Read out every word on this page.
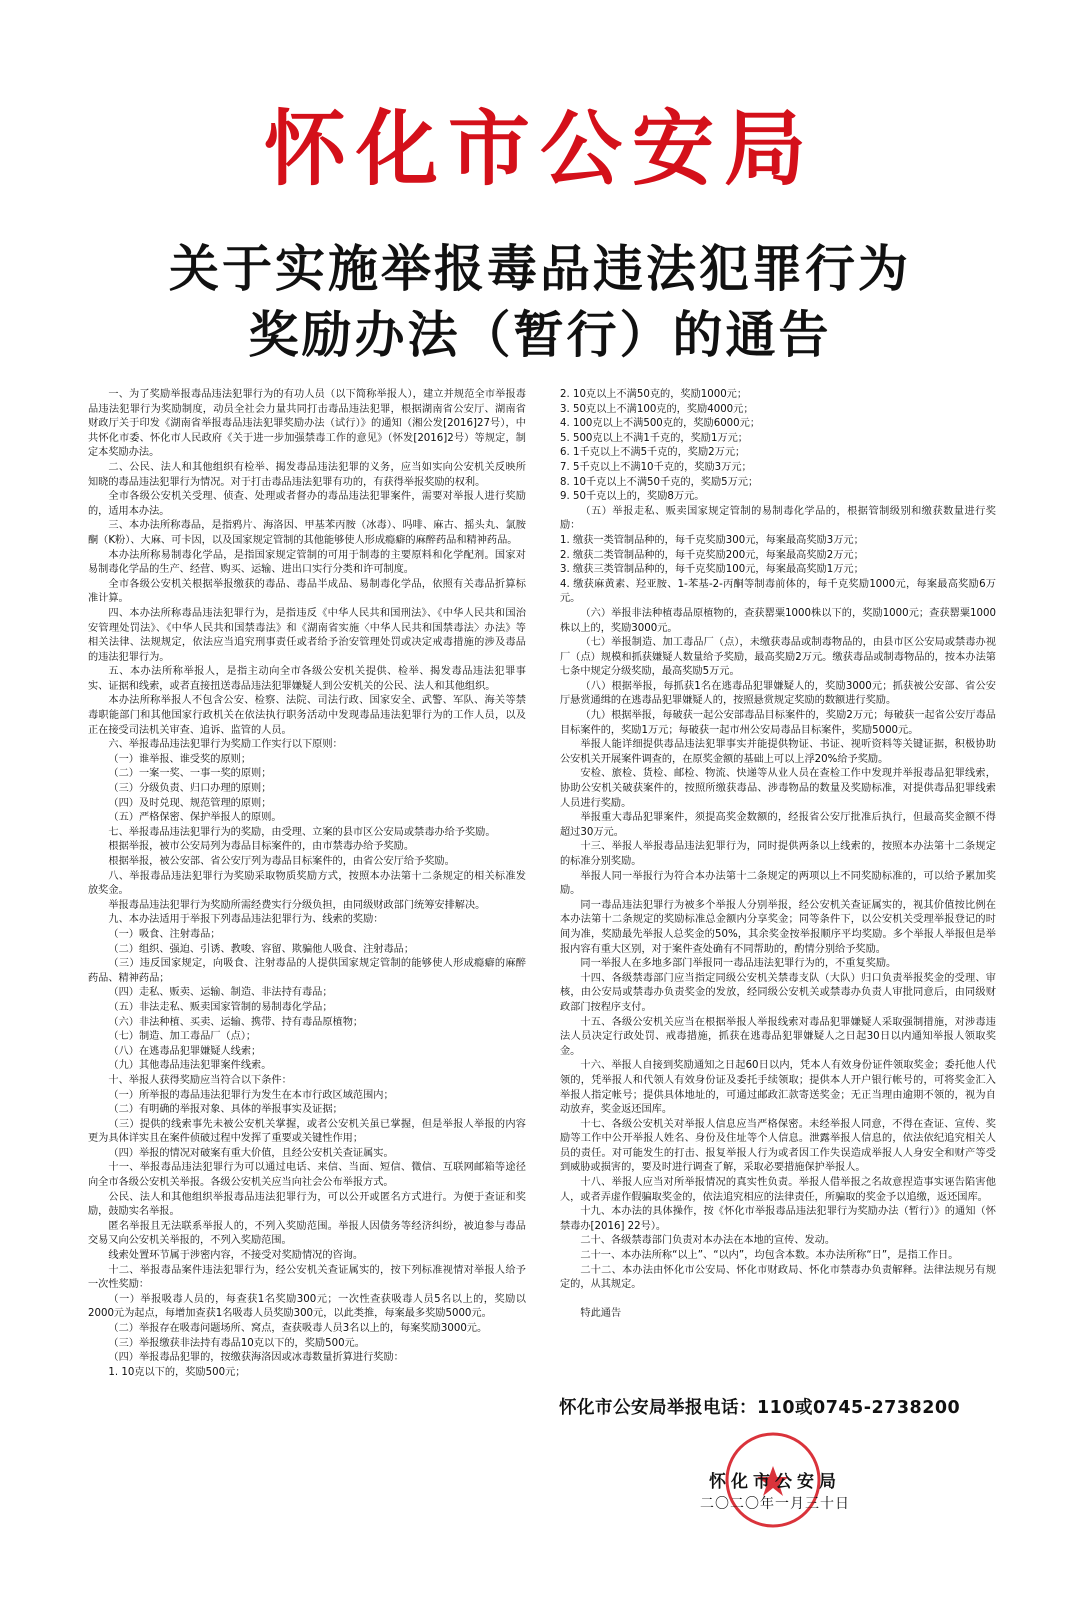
怀化市公安局
关于实施举报毒品违法犯罪行为
奖励办法（暂行）的通告

一、为了奖励举报毒品违法犯罪行为的有功人员（以下简称举报人），建立并规范全市举报毒品违法犯罪行为奖励制度，动员全社会力量共同打击毒品违法犯罪，根据湖南省公安厅、湖南省财政厅关于印发《湖南省举报毒品违法犯罪奖励办法（试行）》的通知（湘公发[2016]27号），中共怀化市委、怀化市人民政府《关于进一步加强禁毒工作的意见》（怀发[2016]2号）等规定，制定本奖励办法。

二、公民、法人和其他组织有检举、揭发毒品违法犯罪的义务，应当如实向公安机关反映所知晓的毒品违法犯罪行为情况。对于打击毒品违法犯罪有功的，有获得举报奖励的权利。

全市各级公安机关受理、侦查、处理或者督办的毒品违法犯罪案件，需要对举报人进行奖励的，适用本办法。

三、本办法所称毒品，是指鸦片、海洛因、甲基苯丙胺（冰毒）、吗啡、麻古、摇头丸、氯胺酮（K粉）、大麻、可卡因，以及国家规定管制的其他能够使人形成瘾癖的麻醉药品和精神药品。

本办法所称易制毒化学品，是指国家规定管制的可用于制毒的主要原料和化学配剂。国家对易制毒化学品的生产、经营、购买、运输、进出口实行分类和许可制度。

全市各级公安机关根据举报缴获的毒品、毒品半成品、易制毒化学品，依照有关毒品折算标准计算。

四、本办法所称毒品违法犯罪行为，是指违反《中华人民共和国刑法》、《中华人民共和国治安管理处罚法》、《中华人民共和国禁毒法》和《湖南省实施〈中华人民共和国禁毒法〉办法》等相关法律、法规规定，依法应当追究刑事责任或者给予治安管理处罚或决定戒毒措施的涉及毒品的违法犯罪行为。

五、本办法所称举报人，是指主动向全市各级公安机关提供、检举、揭发毒品违法犯罪事实、证据和线索，或者直接扭送毒品违法犯罪嫌疑人到公安机关的公民、法人和其他组织。

本办法所称举报人不包含公安、检察、法院、司法行政、国家安全、武警、军队、海关等禁毒职能部门和其他国家行政机关在依法执行职务活动中发现毒品违法犯罪行为的工作人员，以及正在接受司法机关审查、追诉、监管的人员。

六、举报毒品违法犯罪行为奖励工作实行以下原则：

（一）谁举报、谁受奖的原则；

（二）一案一奖、一事一奖的原则；

（三）分级负责、归口办理的原则；

（四）及时兑现、规范管理的原则；

（五）严格保密、保护举报人的原则。

七、举报毒品违法犯罪行为的奖励，由受理、立案的县市区公安局或禁毒办给予奖励。

根据举报，被市公安局列为毒品目标案件的，由市禁毒办给予奖励。

根据举报，被公安部、省公安厅列为毒品目标案件的，由省公安厅给予奖励。

八、举报毒品违法犯罪行为奖励采取物质奖励方式，按照本办法第十二条规定的相关标准发放奖金。

举报毒品违法犯罪行为奖励所需经费实行分级负担，由同级财政部门统筹安排解决。

九、本办法适用于举报下列毒品违法犯罪行为、线索的奖励：

（一）吸食、注射毒品；

（二）组织、强迫、引诱、教唆、容留、欺骗他人吸食、注射毒品；

（三）违反国家规定，向吸食、注射毒品的人提供国家规定管制的能够使人形成瘾癖的麻醉药品、精神药品；

（四）走私、贩卖、运输、制造、非法持有毒品；

（五）非法走私、贩卖国家管制的易制毒化学品；

（六）非法种植、买卖、运输、携带、持有毒品原植物；

（七）制造、加工毒品厂（点）；

（八）在逃毒品犯罪嫌疑人线索；

（九）其他毒品违法犯罪案件线索。

十、举报人获得奖励应当符合以下条件：

（一）所举报的毒品违法犯罪行为发生在本市行政区域范围内；

（二）有明确的举报对象、具体的举报事实及证据；

（三）提供的线索事先未被公安机关掌握，或者公安机关虽已掌握，但是举报人举报的内容更为具体详实且在案件侦破过程中发挥了重要或关键性作用；

（四）举报的情况对破案有重大价值，且经公安机关查证属实。

十一、举报毒品违法犯罪行为可以通过电话、来信、当面、短信、微信、互联网邮箱等途径向全市各级公安机关举报。各级公安机关应当向社会公布举报方式。

公民、法人和其他组织举报毒品违法犯罪行为，可以公开或匿名方式进行。为便于查证和奖励，鼓励实名举报。

匿名举报且无法联系举报人的，不列入奖励范围。举报人因债务等经济纠纷，被迫参与毒品交易又向公安机关举报的，不列入奖励范围。

线索处置环节属于涉密内容，不接受对奖励情况的咨询。

十二、举报毒品案件违法犯罪行为，经公安机关查证属实的，按下列标准视情对举报人给予一次性奖励：

（一）举报吸毒人员的，每查获1名奖励300元；一次性查获吸毒人员5名以上的，奖励以2000元为起点，每增加查获1名吸毒人员奖励300元，以此类推，每案最多奖励5000元。

（二）举报存在吸毒问题场所、窝点，查获吸毒人员3名以上的，每案奖励3000元。

（三）举报缴获非法持有毒品10克以下的，奖励500元。

（四）举报毒品犯罪的，按缴获海洛因或冰毒数量折算进行奖励：

1. 10克以下的，奖励500元；

2. 10克以上不满50克的，奖励1000元；

3. 50克以上不满100克的，奖励4000元；

4. 100克以上不满500克的，奖励6000元；

5. 500克以上不满1千克的，奖励1万元；

6. 1千克以上不满5千克的，奖励2万元；

7. 5千克以上不满10千克的，奖励3万元；

8. 10千克以上不满50千克的，奖励5万元；

9. 50千克以上的，奖励8万元。

（五）举报走私、贩卖国家规定管制的易制毒化学品的，根据管制级别和缴获数量进行奖励：

1. 缴获一类管制品种的，每千克奖励300元，每案最高奖励3万元；

2. 缴获二类管制品种的，每千克奖励200元，每案最高奖励2万元；

3. 缴获三类管制品种的，每千克奖励100元，每案最高奖励1万元；

4. 缴获麻黄素、羟亚胺、1-苯基-2-丙酮等制毒前体的，每千克奖励1000元，每案最高奖励6万元。

（六）举报非法种植毒品原植物的，查获罂粟1000株以下的，奖励1000元；查获罂粟1000株以上的，奖励3000元。

（七）举报制造、加工毒品厂（点），未缴获毒品或制毒物品的，由县市区公安局或禁毒办视厂（点）规模和抓获嫌疑人数量给予奖励，最高奖励2万元。缴获毒品或制毒物品的，按本办法第七条中规定分级奖励，最高奖励5万元。

（八）根据举报，每抓获1名在逃毒品犯罪嫌疑人的，奖励3000元；抓获被公安部、省公安厅悬赏通缉的在逃毒品犯罪嫌疑人的，按照悬赏规定奖励的数额进行奖励。

（九）根据举报，每破获一起公安部毒品目标案件的，奖励2万元；每破获一起省公安厅毒品目标案件的，奖励1万元；每破获一起市州公安局毒品目标案件，奖励5000元。

举报人能详细提供毒品违法犯罪事实并能提供物证、书证、视听资料等关键证据，积极协助公安机关开展案件调查的，在原奖金额的基础上可以上浮20%给予奖励。

安检、旅检、货检、邮检、物流、快递等从业人员在查检工作中发现并举报毒品犯罪线索，协助公安机关破获案件的，按照所缴获毒品、涉毒物品的数量及奖励标准，对提供毒品犯罪线索人员进行奖励。

举报重大毒品犯罪案件，须提高奖金数额的，经报省公安厅批准后执行，但最高奖金额不得超过30万元。

十三、举报人举报毒品违法犯罪行为，同时提供两条以上线索的，按照本办法第十二条规定的标准分别奖励。

举报人同一举报行为符合本办法第十二条规定的两项以上不同奖励标准的，可以给予累加奖励。

同一毒品违法犯罪行为被多个举报人分别举报，经公安机关查证属实的，视其价值按比例在本办法第十二条规定的奖励标准总金额内分享奖金；同等条件下，以公安机关受理举报登记的时间为准，奖励最先举报人总奖金的50%，其余奖金按举报顺序平均奖励。多个举报人举报但是举报内容有重大区别，对于案件查处确有不同帮助的，酌情分别给予奖励。

同一举报人在多地多部门举报同一毒品违法犯罪行为的，不重复奖励。

十四、各级禁毒部门应当指定同级公安机关禁毒支队（大队）归口负责举报奖金的受理、审核，由公安局或禁毒办负责奖金的发放，经同级公安机关或禁毒办负责人审批同意后，由同级财政部门按程序支付。

十五、各级公安机关应当在根据举报人举报线索对毒品犯罪嫌疑人采取强制措施，对涉毒违法人员决定行政处罚、戒毒措施，抓获在逃毒品犯罪嫌疑人之日起30日以内通知举报人领取奖金。

十六、举报人自接到奖励通知之日起60日以内，凭本人有效身份证件领取奖金；委托他人代领的，凭举报人和代领人有效身份证及委托手续领取；提供本人开户银行帐号的，可将奖金汇入举报人指定帐号；提供具体地址的，可通过邮政汇款寄送奖金；无正当理由逾期不领的，视为自动放弃，奖金返还国库。

十七、各级公安机关对举报人信息应当严格保密。未经举报人同意，不得在查证、宣传、奖励等工作中公开举报人姓名、身份及住址等个人信息。泄露举报人信息的，依法依纪追究相关人员的责任。对可能发生的打击、报复举报人行为或者因工作失误造成举报人人身安全和财产等受到威胁或损害的，要及时进行调查了解，采取必要措施保护举报人。

十八、举报人应当对所举报情况的真实性负责。举报人借举报之名故意捏造事实诬告陷害他人，或者弄虚作假骗取奖金的，依法追究相应的法律责任，所骗取的奖金予以追缴，返还国库。

十九、本办法的具体操作，按《怀化市举报毒品违法犯罪行为奖励办法（暂行）》的通知（怀禁毒办[2016] 22号）。

二十、各级禁毒部门负责对本办法在本地的宣传、发动。

二十一、本办法所称“以上”、“以内”，均包含本数。本办法所称“日”，是指工作日。

二十二、本办法由怀化市公安局、怀化市财政局、怀化市禁毒办负责解释。法律法规另有规定的，从其规定。

特此通告

怀化市公安局举报电话：110或0745-2738200
怀化市公安局
二〇二〇年一月三十日
